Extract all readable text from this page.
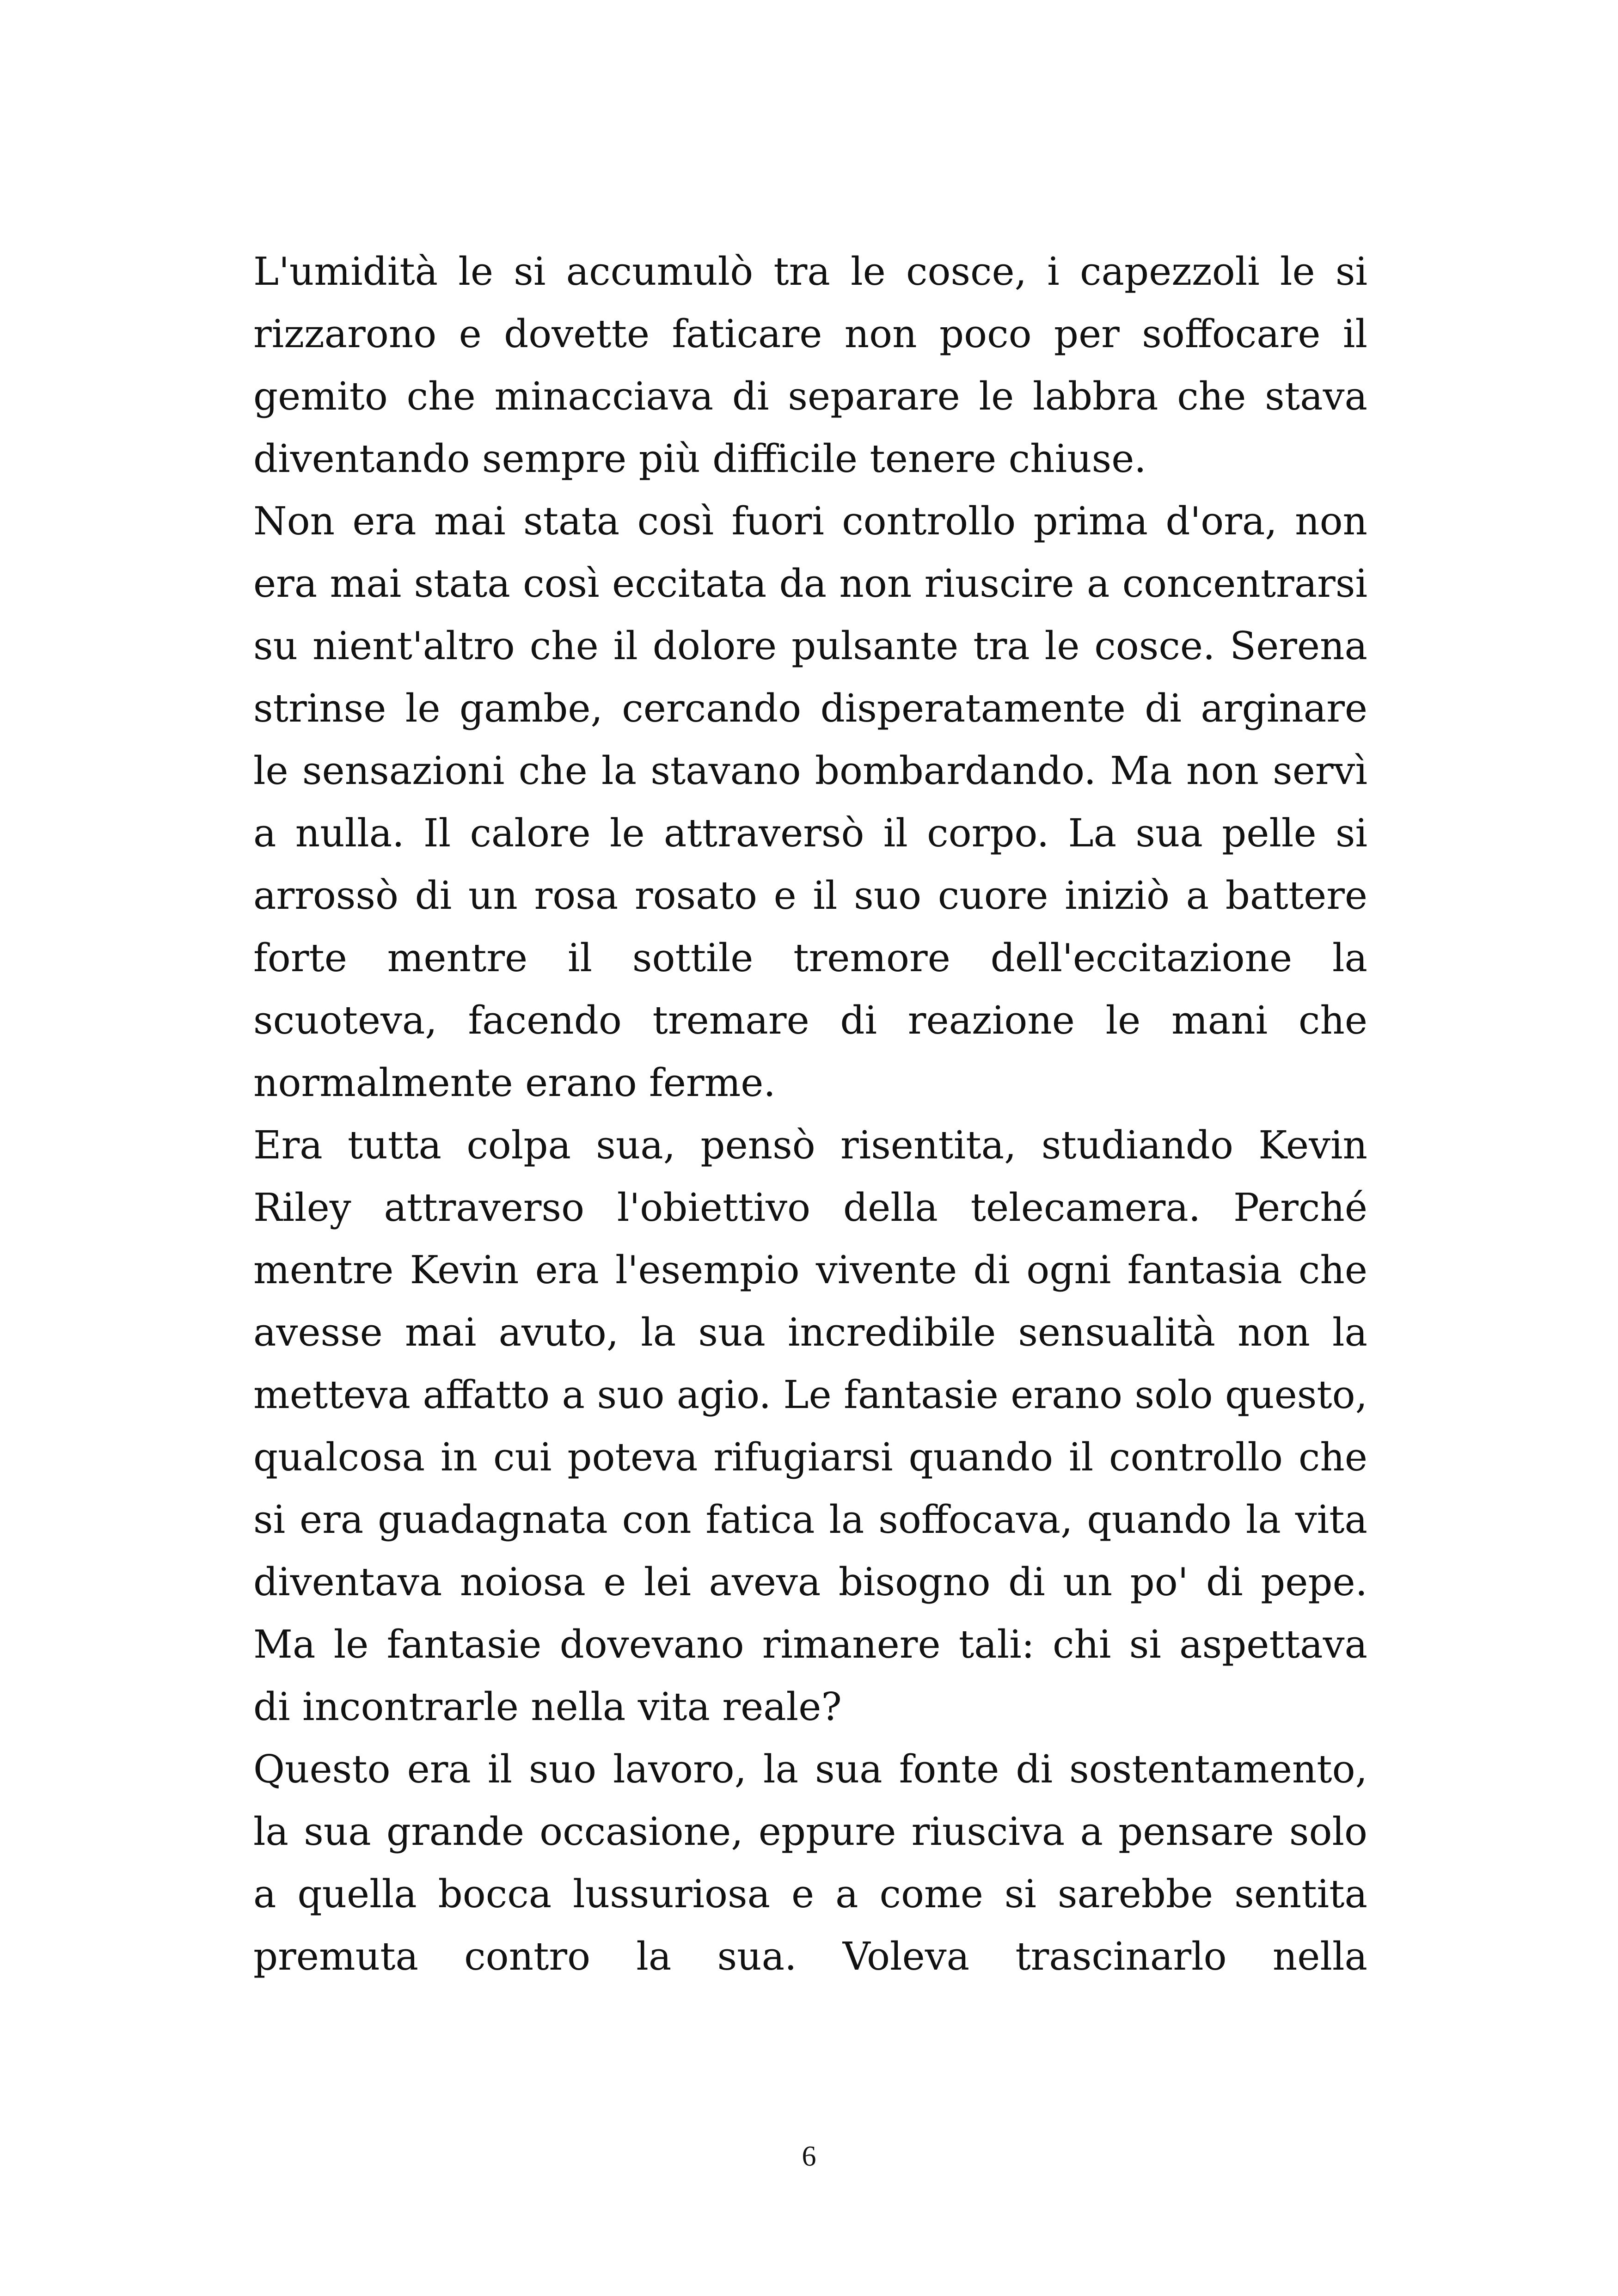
L'umidità le si accumulò tra le cosce, i capezzoli le si rizzarono e dovette faticare non poco per soffocare il gemito che minacciava di separare le labbra che stava diventando sempre più difficile tenere chiuse.

Non era mai stata così fuori controllo prima d'ora, non era mai stata così eccitata da non riuscire a concentrarsi su nient'altro che il dolore pulsante tra le cosce. Serena strinse le gambe, cercando disperatamente di arginare le sensazioni che la stavano bombardando. Ma non servì a nulla. Il calore le attraversò il corpo. La sua pelle si arrossò di un rosa rosato e il suo cuore iniziò a battere forte mentre il sottile tremore dell'eccitazione la scuoteva, facendo tremare di reazione le mani che normalmente erano ferme.

Era tutta colpa sua, pensò risentita, studiando Kevin Riley attraverso l'obiettivo della telecamera. Perché mentre Kevin era l'esempio vivente di ogni fantasia che avesse mai avuto, la sua incredibile sensualità non la metteva affatto a suo agio. Le fantasie erano solo questo, qualcosa in cui poteva rifugiarsi quando il controllo che si era guadagnata con fatica la soffocava, quando la vita diventava noiosa e lei aveva bisogno di un po' di pepe. Ma le fantasie dovevano rimanere tali: chi si aspettava di incontrarle nella vita reale?

Questo era il suo lavoro, la sua fonte di sostentamento, la sua grande occasione, eppure riusciva a pensare solo a quella bocca lussuriosa e a come si sarebbe sentita premuta contro la sua. Voleva trascinarlo nella

6
